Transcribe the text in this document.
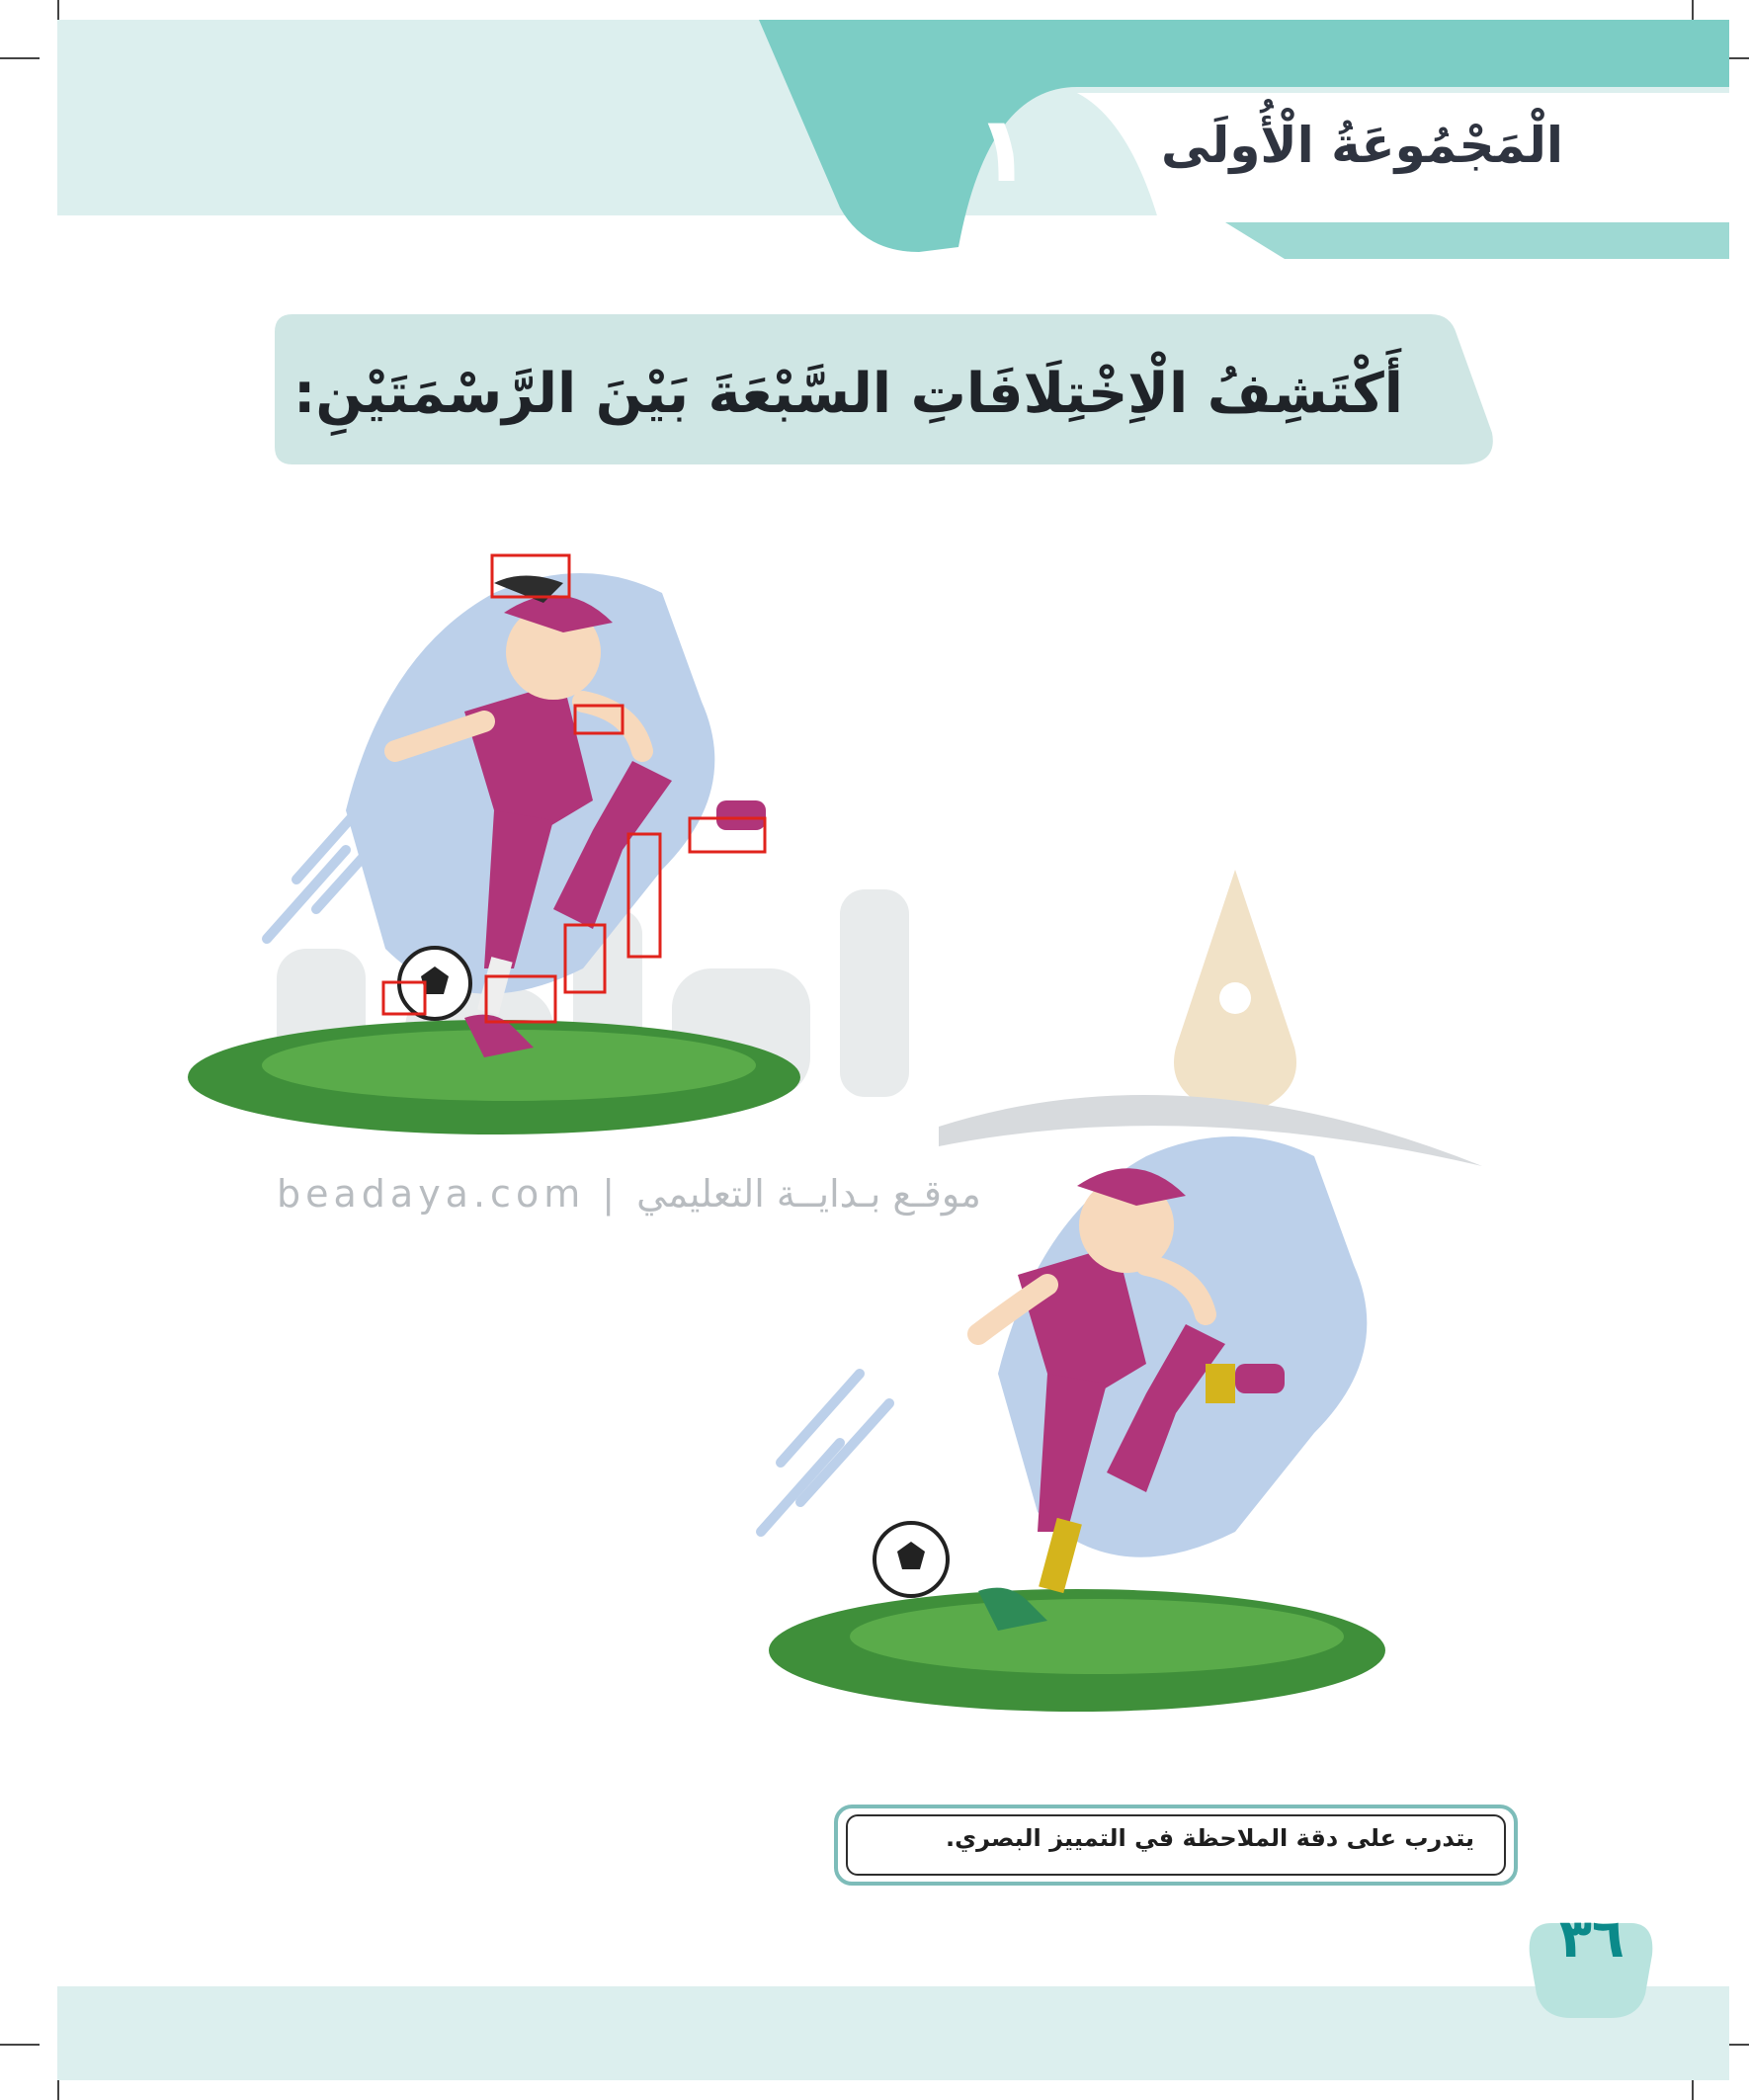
الْمَجْمُوعَةُ الْأُولَى
١
أَكْتَشِفُ الْاِخْتِلَافَاتِ السَّبْعَةَ بَيْنَ الرَّسْمَتَيْنِ:
beadaya.com | موقـع بـدايــة التعليمي
يتدرب على دقة الملاحظة في التمييز البصري.
٣٦
